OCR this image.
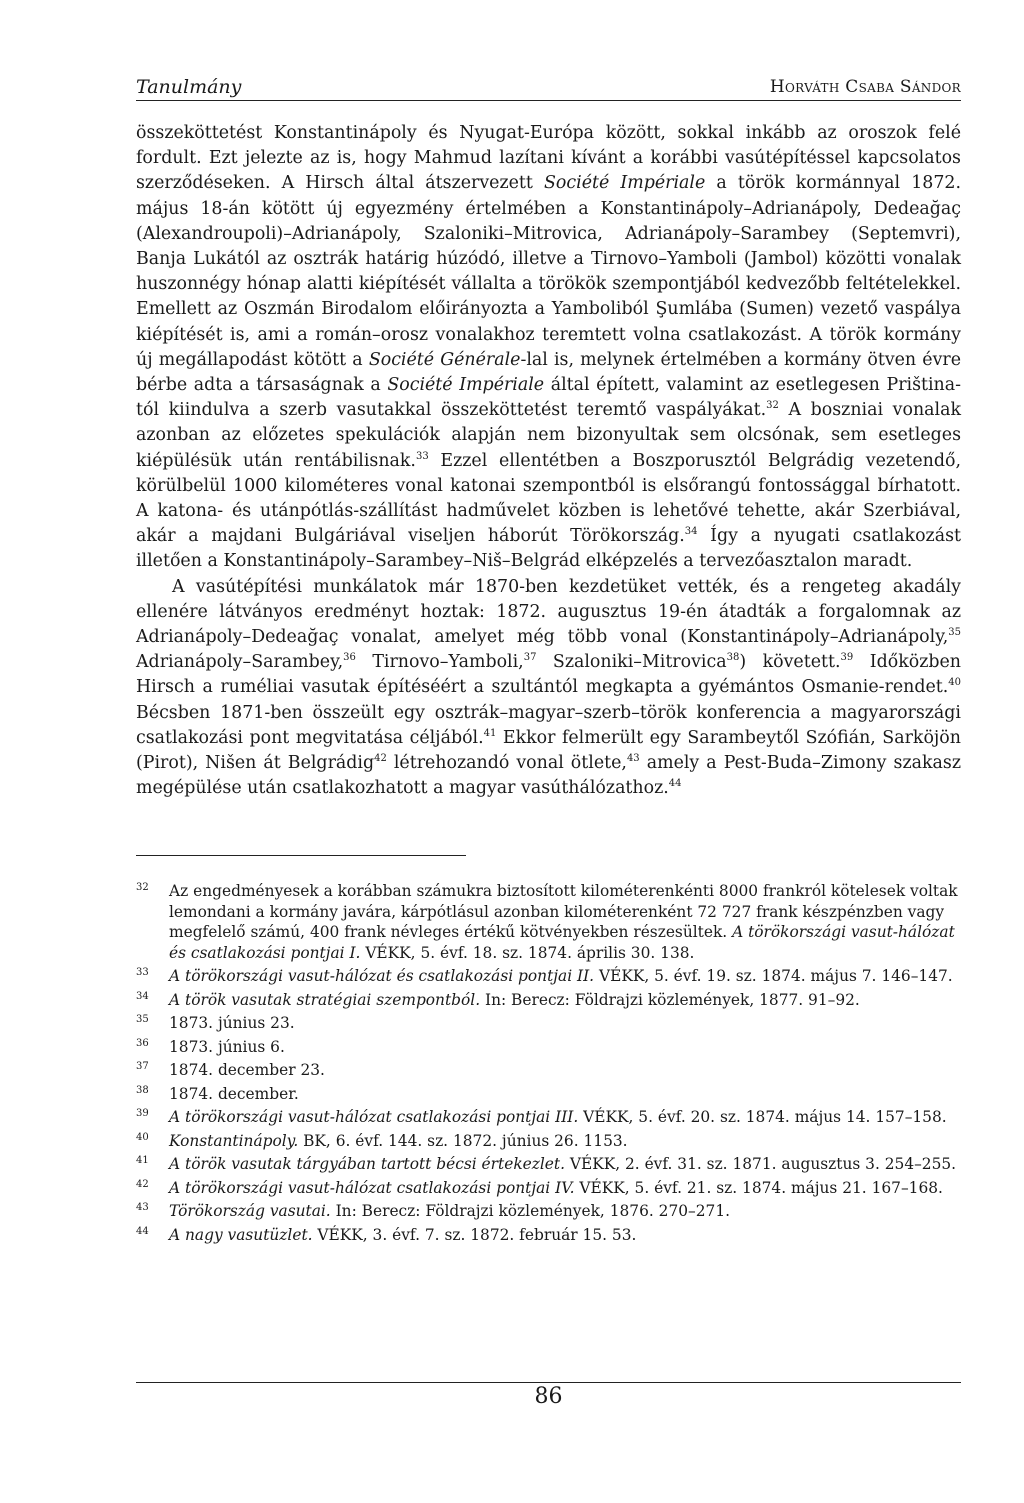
Tanulmány	Horváth Csaba Sándor

összeköttetést Konstantinápoly és Nyugat-Európa között, sokkal inkább az oroszok felé fordult. Ezt jelezte az is, hogy Mahmud lazítani kívánt a korábbi vasútépítéssel kapcsolatos szerződéseken. A Hirsch által átszervezett Société Impériale a török kormánnyal 1872. május 18-án kötött új egyezmény értelmében a Konstantinápoly–Adrianápoly, Dedeağaç (Alexandroupoli)–Adrianápoly, Szaloniki–Mitrovica, Adrianápoly–Sarambey (Septemvri), Banja Lukától az osztrák határig húzódó, illetve a Tirnovo–Yamboli (Jambol) közötti vonalak huszonnégy hónap alatti kiépítését vállalta a törökök szempontjából kedvezőbb feltételekkel. Emellett az Oszmán Birodalom előirányozta a Yamboliból Şumlába (Sumen) vezető vaspálya kiépítését is, ami a román–orosz vonalakhoz teremtett volna csatlakozást. A török kormány új megállapodást kötött a Société Générale-lal is, melynek értelmében a kormány ötven évre bérbe adta a társaságnak a Société Impériale által épített, valamint az esetlegesen Prištinatól kiindulva a szerb vasutakkal összeköttetést teremtő vaspályákat.$^{32}$ A boszniai vonalak azonban az előzetes spekulációk alapján nem bizonyultak sem olcsónak, sem esetleges kiépülésük után rentábilisnak.$^{33}$ Ezzel ellentétben a Boszporusztól Belgrádig vezetendő, körülbelül 1000 kilométeres vonal katonai szempontból is elsőrangú fontossággal bírhatott. A katona- és utánpótlás-szállítást hadművelet közben is lehetővé tehette, akár Szerbiával, akár a majdani Bulgáriával viseljen háborút Törökország.$^{34}$ Így a nyugati csatlakozást illetően a Konstantinápoly–Sarambey–Niš–Belgrád elképzelés a tervezőasztalon maradt.

A vasútépítési munkálatok már 1870-ben kezdetüket vették, és a rengeteg akadály ellenére látványos eredményt hoztak: 1872. augusztus 19-én átadták a forgalomnak az Adrianápoly–Dedeağaç vonalat, amelyet még több vonal (Konstantinápoly–Adrianápoly,$^{35}$ Adrianápoly–Sarambey,$^{36}$ Tirnovo–Yamboli,$^{37}$ Szaloniki–Mitrovica$^{38}$) követett.$^{39}$ Időközben Hirsch a ruméliai vasutak építéséért a szultántól megkapta a gyémántos Osmanie-rendet.$^{40}$ Bécsben 1871-ben összeült egy osztrák–magyar–szerb–török konferencia a magyarországi csatlakozási pont megvitatása céljából.$^{41}$ Ekkor felmerült egy Sarambeytől Szófián, Sarköjön (Pirot), Nišen át Belgrádig$^{42}$ létrehozandó vonal ötlete,$^{43}$ amely a Pest-Buda–Zimony szakasz megépülése után csatlakozhatott a magyar vasúthálózathoz.$^{44}$

32 Az engedményesek a korábban számukra biztosított kilométerenkénti 8000 frankról kötelesek voltak lemondani a kormány javára, kárpótlásul azonban kilométerenként 72 727 frank készpénzben vagy megfelelő számú, 400 frank névleges értékű kötvényekben részesültek. A törökországi vasut-hálózat és csatlakozási pontjai I. VÉKK, 5. évf. 18. sz. 1874. április 30. 138.
33 A törökországi vasut-hálózat és csatlakozási pontjai II. VÉKK, 5. évf. 19. sz. 1874. május 7. 146–147.
34 A török vasutak stratégiai szempontból. In: Berecz: Földrajzi közlemények, 1877. 91–92.
35 1873. június 23.
36 1873. június 6.
37 1874. december 23.
38 1874. december.
39 A törökországi vasut-hálózat csatlakozási pontjai III. VÉKK, 5. évf. 20. sz. 1874. május 14. 157–158.
40 Konstantinápoly. BK, 6. évf. 144. sz. 1872. június 26. 1153.
41 A török vasutak tárgyában tartott bécsi értekezlet. VÉKK, 2. évf. 31. sz. 1871. augusztus 3. 254–255.
42 A törökországi vasut-hálózat csatlakozási pontjai IV. VÉKK, 5. évf. 21. sz. 1874. május 21. 167–168.
43 Törökország vasutai. In: Berecz: Földrajzi közlemények, 1876. 270–271.
44 A nagy vasutüzlet. VÉKK, 3. évf. 7. sz. 1872. február 15. 53.
86
